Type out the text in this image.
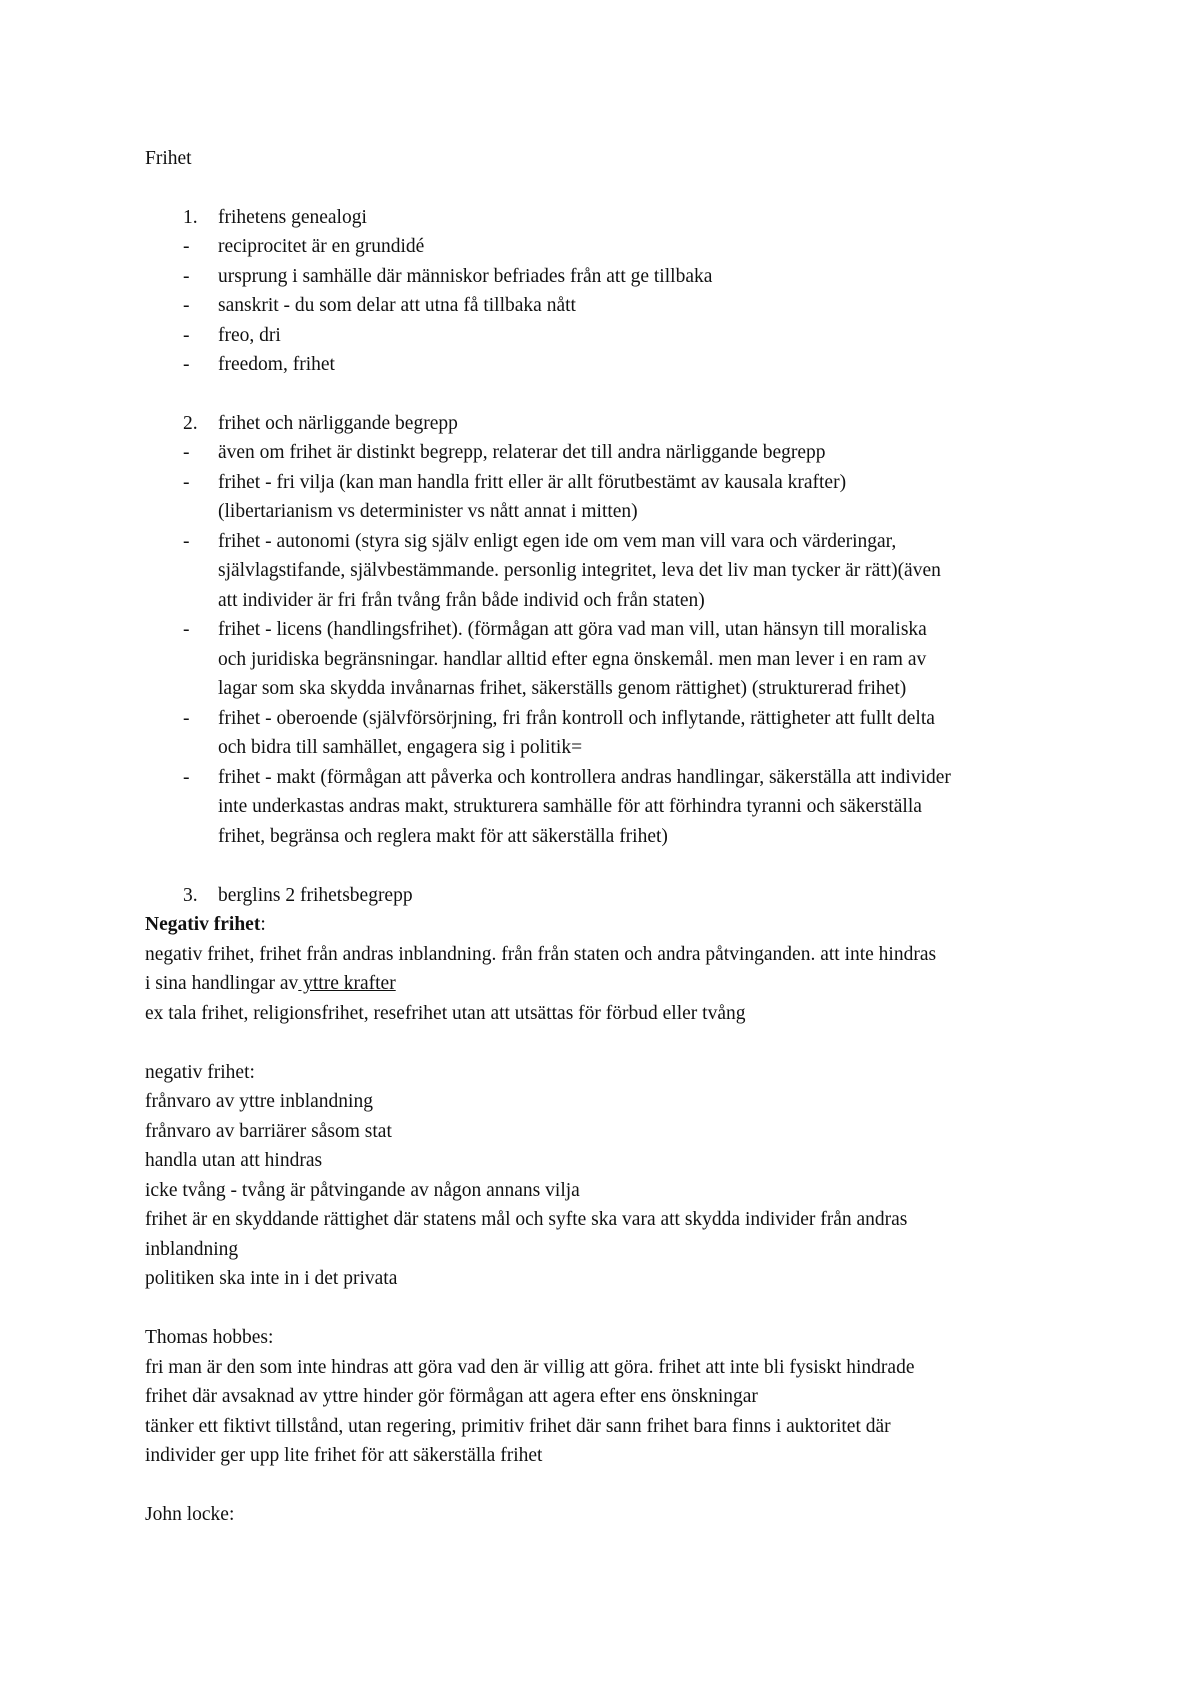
Frihet
1. frihetens genealogi
- reciprocitet är en grundidé
- ursprung i samhälle där människor befriades från att ge tillbaka
- sanskrit - du som delar att utna få tillbaka nått
- freo, dri
- freedom, frihet
2. frihet och närliggande begrepp
- även om frihet är distinkt begrepp, relaterar det till andra närliggande begrepp
- frihet - fri vilja (kan man handla fritt eller är allt förutbestämt av kausala krafter)
(libertarianism vs determinister vs nått annat i mitten)
- frihet - autonomi (styra sig själv enligt egen ide om vem man vill vara och värderingar,
självlagstifande, självbestämmande. personlig integritet, leva det liv man tycker är rätt)(även
att individer är fri från tvång från både individ och från staten)
- frihet - licens (handlingsfrihet). (förmågan att göra vad man vill, utan hänsyn till moraliska
och juridiska begränsningar. handlar alltid efter egna önskemål. men man lever i en ram av
lagar som ska skydda invånarnas frihet, säkerställs genom rättighet) (strukturerad frihet)
- frihet - oberoende (självförsörjning, fri från kontroll och inflytande, rättigheter att fullt delta
och bidra till samhället, engagera sig i politik=
- frihet - makt (förmågan att påverka och kontrollera andras handlingar, säkerställa att individer
inte underkastas andras makt, strukturera samhälle för att förhindra tyranni och säkerställa
frihet, begränsa och reglera makt för att säkerställa frihet)
3. berglins 2 frihetsbegrepp
Negativ frihet:
negativ frihet, frihet från andras inblandning. från från staten och andra påtvinganden. att inte hindras
i sina handlingar av yttre krafter
ex tala frihet, religionsfrihet, resefrihet utan att utsättas för förbud eller tvång
negativ frihet:
frånvaro av yttre inblandning
frånvaro av barriärer såsom stat
handla utan att hindras
icke tvång - tvång är påtvingande av någon annans vilja
frihet är en skyddande rättighet där statens mål och syfte ska vara att skydda individer från andras
inblandning
politiken ska inte in i det privata
Thomas hobbes:
fri man är den som inte hindras att göra vad den är villig att göra. frihet att inte bli fysiskt hindrade
frihet där avsaknad av yttre hinder gör förmågan att agera efter ens önskningar
tänker ett fiktivt tillstånd, utan regering, primitiv frihet där sann frihet bara finns i auktoritet där
individer ger upp lite frihet för att säkerställa frihet
John locke:
